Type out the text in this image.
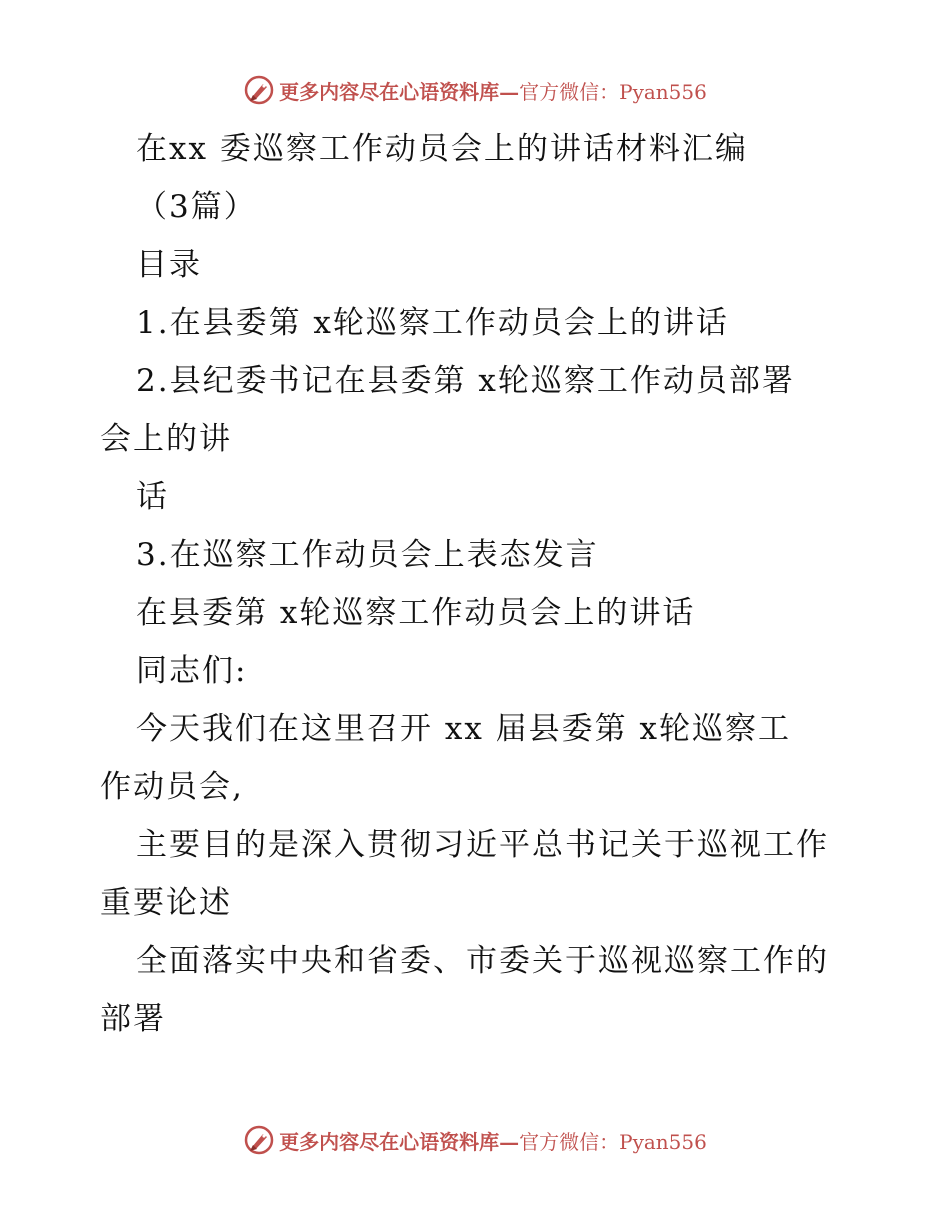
更多内容尽在心语资料库—官方微信：Pyan556
在xx 委巡察工作动员会上的讲话材料汇编
（3篇）
目录
1.在县委第 x轮巡察工作动员会上的讲话
2.县纪委书记在县委第 x轮巡察工作动员部署
会上的讲
话
3.在巡察工作动员会上表态发言
在县委第 x轮巡察工作动员会上的讲话
同志们:
今天我们在这里召开 xx 届县委第 x轮巡察工
作动员会,
主要目的是深入贯彻习近平总书记关于巡视工作
重要论述
全面落实中央和省委、市委关于巡视巡察工作的
部署
更多内容尽在心语资料库—官方微信：Pyan556
